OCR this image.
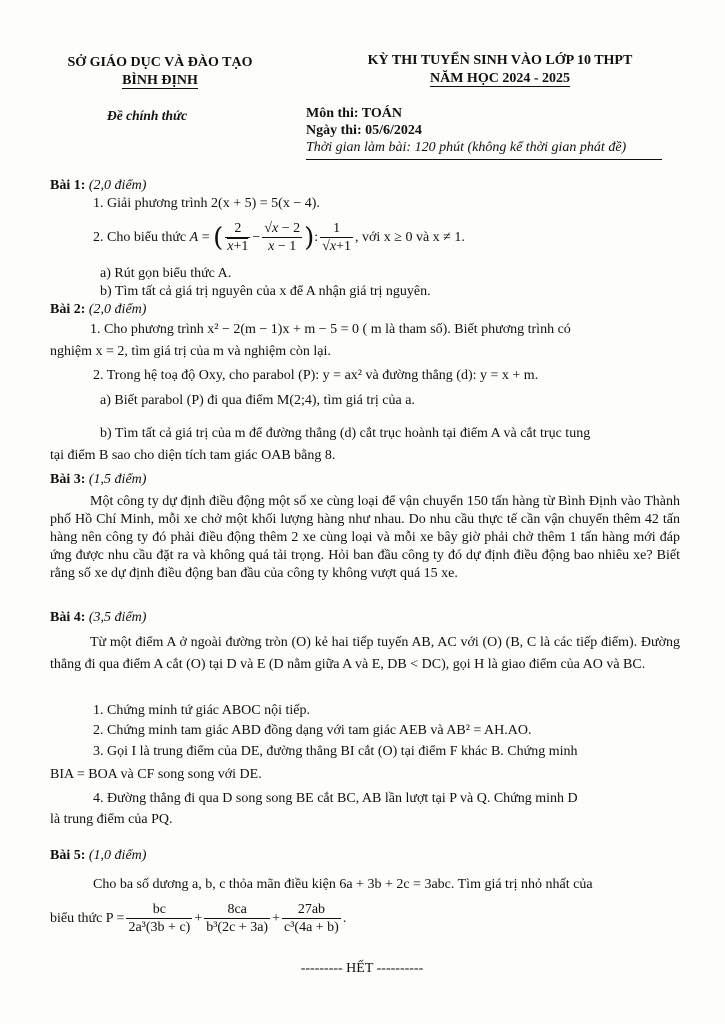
SỞ GIÁO DỤC VÀ ĐÀO TẠO
BÌNH ĐỊNH
Đề chính thức
KỲ THI TUYỂN SINH VÀO LỚP 10 THPT
NĂM HỌC 2024 - 2025
Môn thi: TOÁN
Ngày thi: 05/6/2024
Thời gian làm bài: 120 phút (không kể thời gian phát đề)
Bài 1: (2,0 điểm)
1. Giải phương trình 2(x + 5) = 5(x − 4).
2. Cho biểu thức
A = ( $\frac{2}{x+1} - \frac{√x - 2}{x - 1}$ ) : $\frac{1}{√x+1}$ , với x ≥ 0 và x ≠ 1.
a) Rút gọn biểu thức A.
b) Tìm tất cả giá trị nguyên của x để A nhận giá trị nguyên.
Bài 2: (2,0 điểm)
1. Cho phương trình x² − 2(m − 1)x + m − 5 = 0 ( m là tham số). Biết phương trình có
nghiệm x = 2, tìm giá trị của m và nghiệm còn lại.
2. Trong hệ toạ độ Oxy, cho parabol (P): y = ax² và đường thẳng (d): y = x + m.
a) Biết parabol (P) đi qua điểm M(2;4), tìm giá trị của a.
b) Tìm tất cả giá trị của m để đường thẳng (d) cắt trục hoành tại điểm A và cắt trục tung
tại điểm B sao cho diện tích tam giác OAB bằng 8.
Bài 3: (1,5 điểm)
Một công ty dự định điều động một số xe cùng loại để vận chuyển 150 tấn hàng từ Bình Định vào Thành phố Hồ Chí Minh, mỗi xe chở một khối lượng hàng như nhau. Do nhu cầu thực tế cần vận chuyển thêm 42 tấn hàng nên công ty đó phải điều động thêm 2 xe cùng loại và mỗi xe bây giờ phải chở thêm 1 tấn hàng mới đáp ứng được nhu cầu đặt ra và không quá tải trọng. Hỏi ban đầu công ty đó dự định điều động bao nhiêu xe? Biết rằng số xe dự định điều động ban đầu của công ty không vượt quá 15 xe.
Bài 4: (3,5 điểm)
Từ một điểm A ở ngoài đường tròn (O) kẻ hai tiếp tuyến AB, AC với (O) (B, C là các tiếp điểm). Đường thẳng đi qua điểm A cắt (O) tại D và E (D nằm giữa A và E, DB < DC), gọi H là giao điểm của AO và BC.
1. Chứng minh tứ giác ABOC nội tiếp.
2. Chứng minh tam giác ABD đồng dạng với tam giác AEB và AB² = AH.AO.
3. Gọi I là trung điểm của DE, đường thẳng BI cắt (O) tại điểm F khác B. Chứng minh
BIA = BOA và CF song song với DE.
4. Đường thẳng đi qua D song song BE cắt BC, AB lần lượt tại P và Q. Chứng minh D
là trung điểm của PQ.
Bài 5: (1,0 điểm)
Cho ba số dương a, b, c thỏa mãn điều kiện 6a + 3b + 2c = 3abc. Tìm giá trị nhỏ nhất của
biểu thức $P = \frac{bc}{\text{2a³(3b + c)}} + \frac{8ca}{\text{b³(2c + 3a)}} + \frac{27ab}{\text{c³(4a + b)}}$ .
--------- HẾT ----------
